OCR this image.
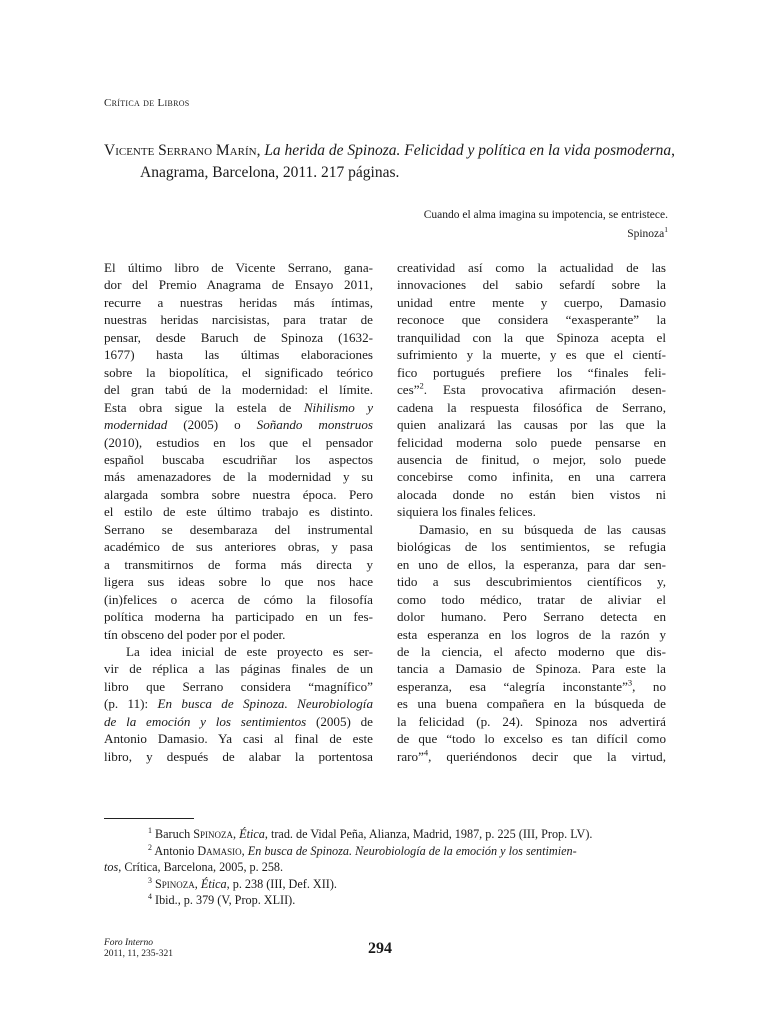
Crítica de Libros
Vicente Serrano Marín, La herida de Spinoza. Felicidad y política en la vida posmoderna, Anagrama, Barcelona, 2011. 217 páginas.
Cuando el alma imagina su impotencia, se entristece.
Spinoza$^1$
El último libro de Vicente Serrano, gana-
dor del Premio Anagrama de Ensayo 2011,
recurre a nuestras heridas más íntimas,
nuestras heridas narcisistas, para tratar de
pensar, desde Baruch de Spinoza (1632-
1677) hasta las últimas elaboraciones
sobre la biopolítica, el significado teórico
del gran tabú de la modernidad: el límite.
Esta obra sigue la estela de Nihilismo y
modernidad (2005) o Soñando monstruos
(2010), estudios en los que el pensador
español buscaba escudriñar los aspectos
más amenazadores de la modernidad y su
alargada sombra sobre nuestra época. Pero
el estilo de este último trabajo es distinto.
Serrano se desembaraza del instrumental
académico de sus anteriores obras, y pasa
a transmitirnos de forma más directa y
ligera sus ideas sobre lo que nos hace
(in)felices o acerca de cómo la filosofía
política moderna ha participado en un fes-
tín obsceno del poder por el poder.
La idea inicial de este proyecto es ser-
vir de réplica a las páginas finales de un
libro que Serrano considera “magnífico”
(p. 11): En busca de Spinoza. Neurobiología
de la emoción y los sentimientos (2005) de
Antonio Damasio. Ya casi al final de este
libro, y después de alabar la portentosa
creatividad así como la actualidad de las
innovaciones del sabio sefardí sobre la
unidad entre mente y cuerpo, Damasio
reconoce que considera “exasperante” la
tranquilidad con la que Spinoza acepta el
sufrimiento y la muerte, y es que el cientí-
fico portugués prefiere los “finales feli-
ces”$^2$. Esta provocativa afirmación desen-
cadena la respuesta filosófica de Serrano,
quien analizará las causas por las que la
felicidad moderna solo puede pensarse en
ausencia de finitud, o mejor, solo puede
concebirse como infinita, en una carrera
alocada donde no están bien vistos ni
siquiera los finales felices.
Damasio, en su búsqueda de las causas
biológicas de los sentimientos, se refugia
en uno de ellos, la esperanza, para dar sen-
tido a sus descubrimientos científicos y,
como todo médico, tratar de aliviar el
dolor humano. Pero Serrano detecta en
esta esperanza en los logros de la razón y
de la ciencia, el afecto moderno que dis-
tancia a Damasio de Spinoza. Para este la
esperanza, esa “alegría inconstante”$^3$, no
es una buena compañera en la búsqueda de
la felicidad (p. 24). Spinoza nos advertirá
de que “todo lo excelso es tan difícil como
raro”$^4$, queriéndonos decir que la virtud,

$^1$ Baruch Spinoza, Ética, trad. de Vidal Peña, Alianza, Madrid, 1987, p. 225 (III, Prop. LV).

$^2$ Antonio Damasio, En busca de Spinoza. Neurobiología de la emoción y los sentimien-
tos, Crítica, Barcelona, 2005, p. 258.

$^3$ Spinoza, Ética, p. 238 (III, Def. XII).

$^4$ Ibid., p. 379 (V, Prop. XLII).

Foro Interno
2011, 11, 235-321	294
